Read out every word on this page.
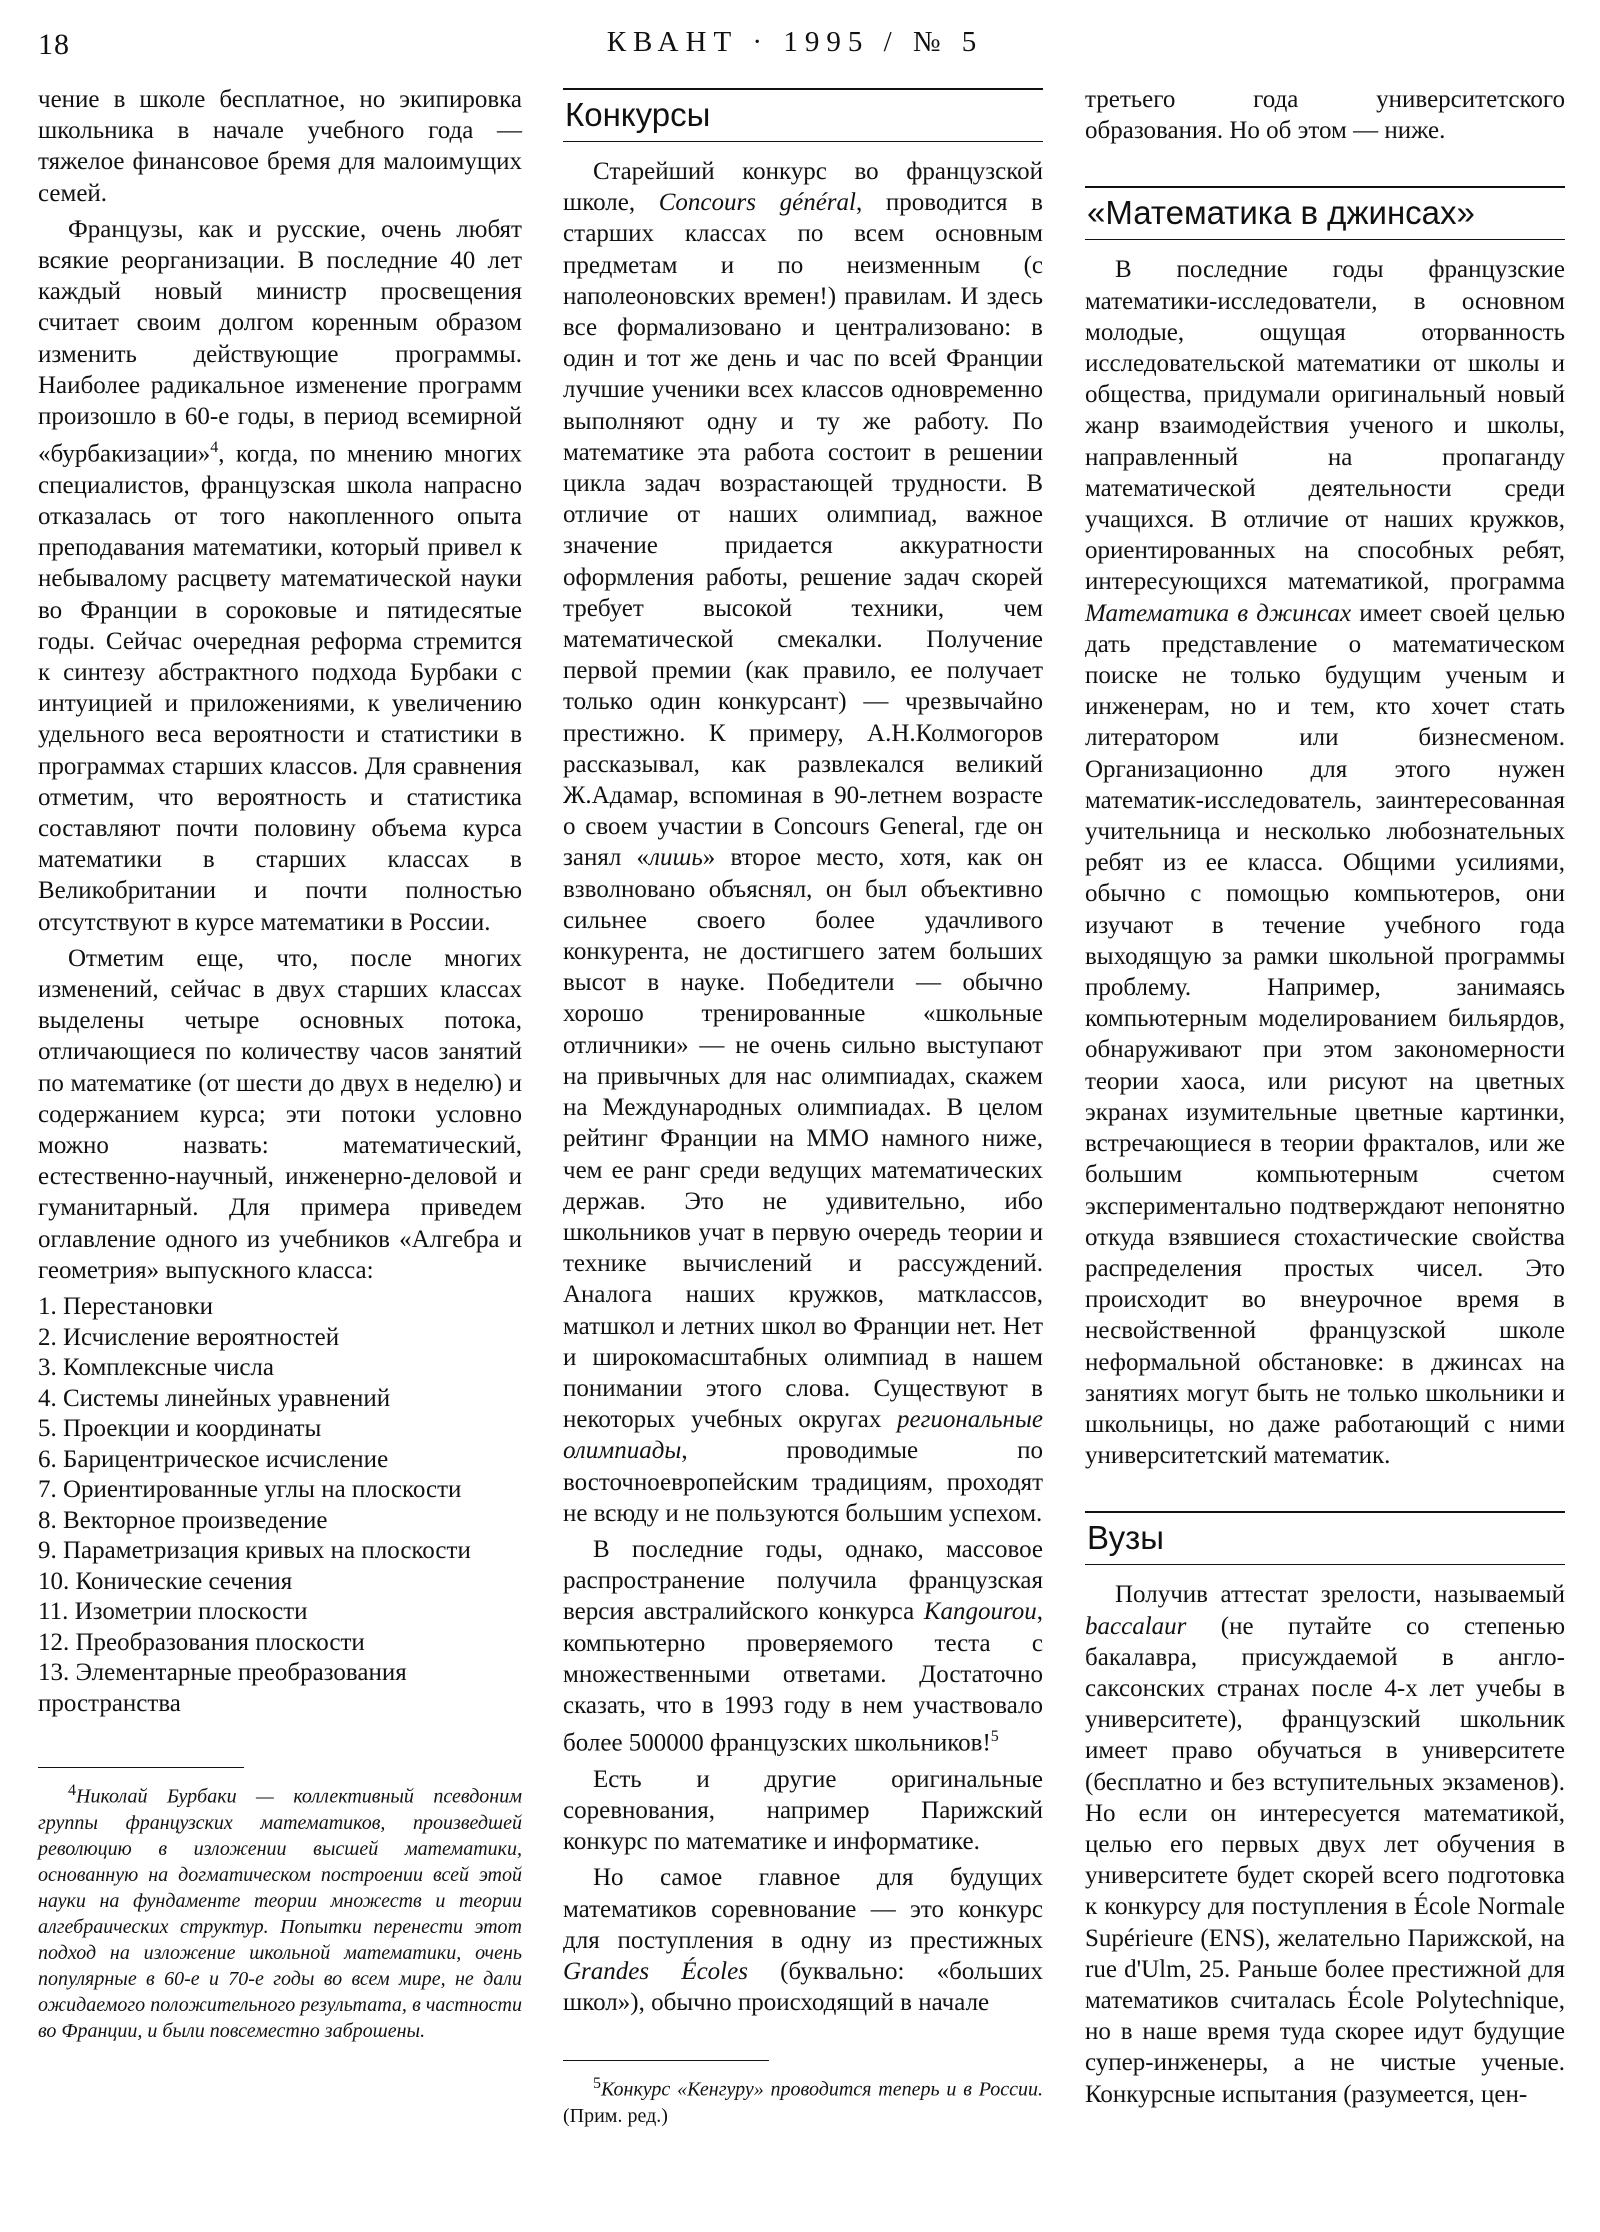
18	КВАНТ · 1995 / № 5

чение в школе бесплатное, но экипировка школьника в начале учебного года — тяжелое финансовое бремя для малоимущих семей.

Французы, как и русские, очень любят всякие реорганизации. В последние 40 лет каждый новый министр просвещения считает своим долгом коренным образом изменить действующие программы. Наиболее радикальное изменение программ произошло в 60-е годы, в период всемирной «бурбакизации»$^4$, когда, по мнению многих специалистов, французская школа напрасно отказалась от того накопленного опыта преподавания математики, который привел к небывалому расцвету математической науки во Франции в сороковые и пятидесятые годы. Сейчас очередная реформа стремится к синтезу абстрактного подхода Бурбаки с интуицией и приложениями, к увеличению удельного веса вероятности и статистики в программах старших классов. Для сравнения отметим, что вероятность и статистика составляют почти половину объема курса математики в старших классах в Великобритании и почти полностью отсутствуют в курсе математики в России.

Отметим еще, что, после многих изменений, сейчас в двух старших классах выделены четыре основных потока, отличающиеся по количеству часов занятий по математике (от шести до двух в неделю) и содержанием курса; эти потоки условно можно назвать: математический, естественно-научный, инженерно-деловой и гуманитарный. Для примера приведем оглавление одного из учебников «Алгебра и геометрия» выпускного класса:

1. Перестановки
2. Исчисление вероятностей
3. Комплексные числа
4. Системы линейных уравнений
5. Проекции и координаты
6. Барицентрическое исчисление
7. Ориентированные углы на плоскости
8. Векторное произведение
9. Параметризация кривых на плоскости
10. Конические сечения
11. Изометрии плоскости
12. Преобразования плоскости
13. Элементарные преобразования пространства

$^4$Николай Бурбаки — коллективный псевдоним группы французских математиков, произведшей революцию в изложении высшей математики, основанную на догматическом построении всей этой науки на фундаменте теории множеств и теории алгебраических структур. Попытки перенести этот подход на изложение школьной математики, очень популярные в 60-е и 70-е годы во всем мире, не дали ожидаемого положительного результата, в частности во Франции, и были повсеместно заброшены.

Конкурсы

Старейший конкурс во французской школе, Concours général, проводится в старших классах по всем основным предметам и по неизменным (с наполеоновских времен!) правилам. И здесь все формализовано и централизовано: в один и тот же день и час по всей Франции лучшие ученики всех классов одновременно выполняют одну и ту же работу. По математике эта работа состоит в решении цикла задач возрастающей трудности. В отличие от наших олимпиад, важное значение придается аккуратности оформления работы, решение задач скорей требует высокой техники, чем математической смекалки. Получение первой премии (как правило, ее получает только один конкурсант) — чрезвычайно престижно. К примеру, А.Н.Колмогоров рассказывал, как развлекался великий Ж.Адамар, вспоминая в 90-летнем возрасте о своем участии в Concours General, где он занял «лишь» второе место, хотя, как он взволновано объяснял, он был объективно сильнее своего более удачливого конкурента, не достигшего затем больших высот в науке. Победители — обычно хорошо тренированные «школьные отличники» — не очень сильно выступают на привычных для нас олимпиадах, скажем на Международных олимпиадах. В целом рейтинг Франции на ММО намного ниже, чем ее ранг среди ведущих математических держав. Это не удивительно, ибо школьников учат в первую очередь теории и технике вычислений и рассуждений. Аналога наших кружков, матклассов, матшкол и летних школ во Франции нет. Нет и широкомасштабных олимпиад в нашем понимании этого слова. Существуют в некоторых учебных округах региональные олимпиады, проводимые по восточноевропейским традициям, проходят не всюду и не пользуются большим успехом.

В последние годы, однако, массовое распространение получила французская версия австралийского конкурса Kangourou, компьютерно проверяемого теста с множественными ответами. Достаточно сказать, что в 1993 году в нем участвовало более 500000 французских школьников!$^5$

Есть и другие оригинальные соревнования, например Парижский конкурс по математике и информатике.

Но самое главное для будущих математиков соревнование — это конкурс для поступления в одну из престижных Grandes Écoles (буквально: «больших школ»), обычно происходящий в начале

$^5$Конкурс «Кенгуру» проводится теперь и в России. (Прим. ред.)

третьего года университетского образования. Но об этом — ниже.

«Математика в джинсах»

В последние годы французские математики-исследователи, в основном молодые, ощущая оторванность исследовательской математики от школы и общества, придумали оригинальный новый жанр взаимодействия ученого и школы, направленный на пропаганду математической деятельности среди учащихся. В отличие от наших кружков, ориентированных на способных ребят, интересующихся математикой, программа Математика в джинсах имеет своей целью дать представление о математическом поиске не только будущим ученым и инженерам, но и тем, кто хочет стать литератором или бизнесменом. Организационно для этого нужен математик-исследователь, заинтересованная учительница и несколько любознательных ребят из ее класса. Общими усилиями, обычно с помощью компьютеров, они изучают в течение учебного года выходящую за рамки школьной программы проблему. Например, занимаясь компьютерным моделированием бильярдов, обнаруживают при этом закономерности теории хаоса, или рисуют на цветных экранах изумительные цветные картинки, встречающиеся в теории фракталов, или же большим компьютерным счетом экспериментально подтверждают непонятно откуда взявшиеся стохастические свойства распределения простых чисел. Это происходит во внеурочное время в несвойственной французской школе неформальной обстановке: в джинсах на занятиях могут быть не только школьники и школьницы, но даже работающий с ними университетский математик.

Вузы

Получив аттестат зрелости, называемый baccalaur (не путайте со степенью бакалавра, присуждаемой в англо-саксонских странах после 4-х лет учебы в университете), французский школьник имеет право обучаться в университете (бесплатно и без вступительных экзаменов). Но если он интересуется математикой, целью его первых двух лет обучения в университете будет скорей всего подготовка к конкурсу для поступления в École Normale Supérieure (ENS), желательно Парижской, на rue d'Ulm, 25. Раньше более престижной для математиков считалась École Polytechnique, но в наше время туда скорее идут будущие супер-инженеры, а не чистые ученые. Конкурсные испытания (разумеется, цен-
